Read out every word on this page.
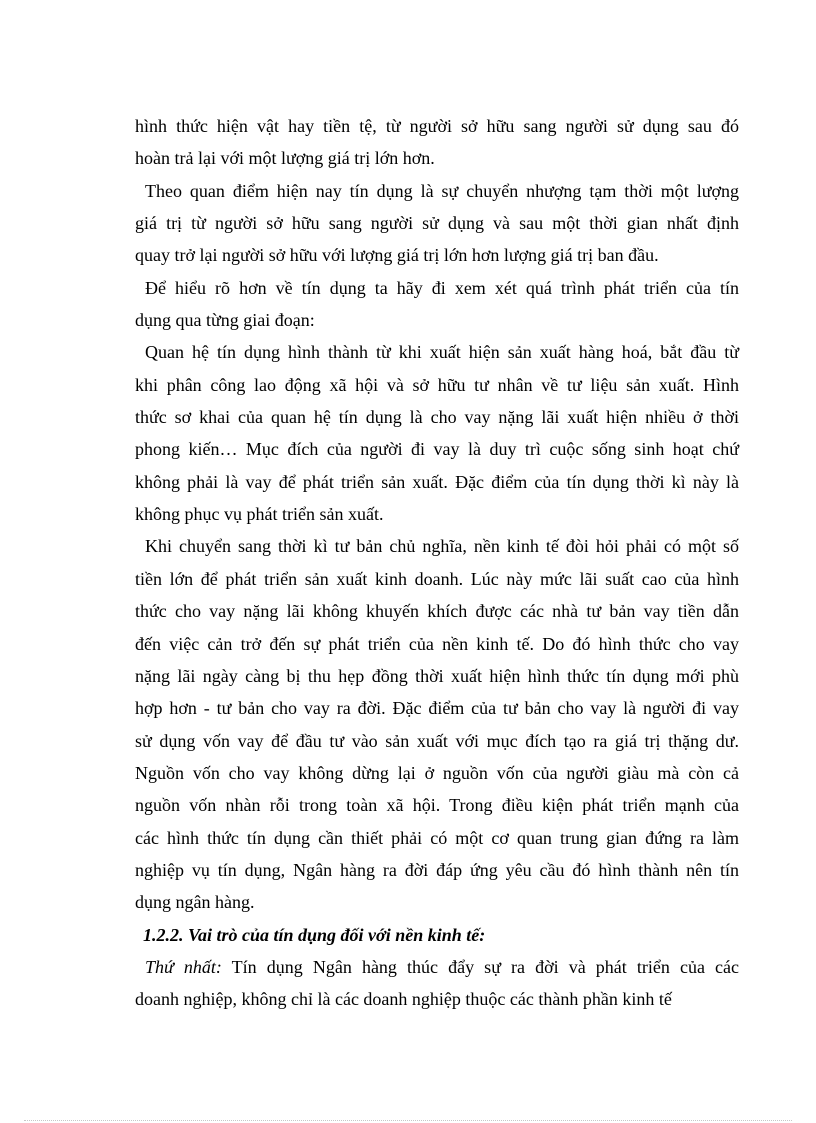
hình thức hiện vật hay tiền tệ, từ người sở hữu sang người sử dụng sau đó
hoàn trả lại với một lượng giá trị lớn hơn.
Theo quan điểm hiện nay tín dụng là sự chuyển nhượng tạm thời một lượng
giá trị từ người sở hữu sang người sử dụng và sau một thời gian nhất định
quay trở lại người sở hữu với lượng giá trị lớn hơn lượng giá trị ban đầu.
Để hiểu rõ hơn về tín dụng ta hãy đi xem xét quá trình phát triển của tín
dụng qua từng giai đoạn:
Quan hệ tín dụng hình thành từ khi xuất hiện sản xuất hàng hoá, bắt đầu từ
khi phân công lao động xã hội và sở hữu tư nhân về tư liệu sản xuất. Hình
thức sơ khai của quan hệ tín dụng là cho vay nặng lãi xuất hiện nhiều ở thời
phong kiến… Mục đích của người đi vay là duy trì cuộc sống sinh hoạt chứ
không phải là vay để phát triển sản xuất. Đặc điểm của tín dụng thời kì này là
không phục vụ phát triển sản xuất.
Khi chuyển sang thời kì tư bản chủ nghĩa, nền kinh tế đòi hỏi phải có một số
tiền lớn để phát triển sản xuất kinh doanh. Lúc này mức lãi suất cao của hình
thức cho vay nặng lãi không khuyến khích được các nhà tư bản vay tiền dẫn
đến việc cản trở đến sự phát triển của nền kinh tế. Do đó hình thức cho vay
nặng lãi ngày càng bị thu hẹp đồng thời xuất hiện hình thức tín dụng mới phù
hợp hơn - tư bản cho vay ra đời. Đặc điểm của tư bản cho vay là người đi vay
sử dụng vốn vay để đầu tư vào sản xuất với mục đích tạo ra giá trị thặng dư.
Nguồn vốn cho vay không dừng lại ở nguồn vốn của người giàu mà còn cả
nguồn vốn nhàn rỗi trong toàn xã hội. Trong điều kiện phát triển mạnh của
các hình thức tín dụng cần thiết phải có một cơ quan trung gian đứng ra làm
nghiệp vụ tín dụng, Ngân hàng ra đời đáp ứng yêu cầu đó hình thành nên tín
dụng ngân hàng.
1.2.2. Vai trò của tín dụng đối với nền kinh tế:
Thứ nhất: Tín dụng Ngân hàng thúc đẩy sự ra đời và phát triển của các
doanh nghiệp, không chỉ là các doanh nghiệp thuộc các thành phần kinh tế
